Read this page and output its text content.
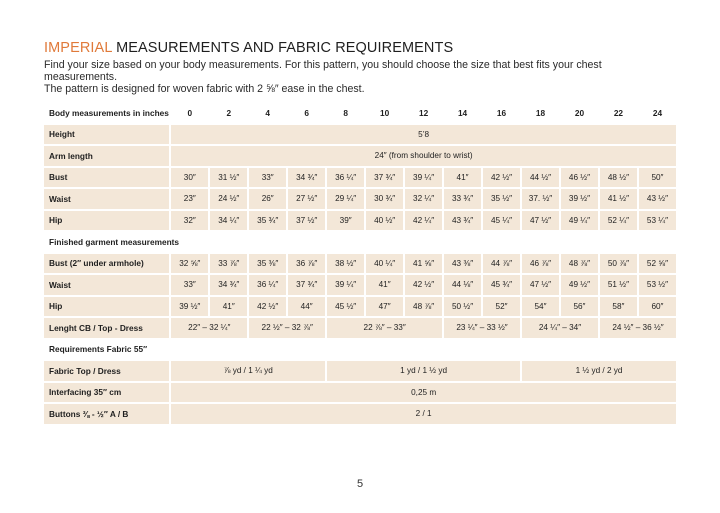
IMPERIAL MEASUREMENTS AND FABRIC REQUIREMENTS
Find your size based on your body measurements. For this pattern, you should choose the size that best fits your chest measurements.
The pattern is designed for woven fabric with 2 ⅝″ ease in the chest.
Body measurements in inches	0	2	4	6	8	10	12	14	16	18	20	22	24
Height	5’8												
Arm length	24″ (from shoulder to wrist)												
Bust	30″	31 ½″	33″	34 ¾″	36 ¼″	37 ¾″	39 ¼″	41″	42 ½″	44 ½″	46 ½″	48 ½″	50″
Waist	23″	24 ½″	26″	27 ½″	29 ¼″	30 ¾″	32 ¼″	33 ¾″	35 ½″	37. ½″	39 ½″	41 ½″	43 ½″
Hip	32″	34 ¼″	35 ¾″	37 ½″	39″	40 ½″	42 ¼″	43 ¾″	45 ¼″	47 ½″	49 ¼″	52 ¼″	53 ¼″
Finished garment measurements													
Bust (2″ under armhole)	32 ⅝″	33 ⅞″	35 ⅜″	36 ⅞″	38 ½″	40 ¼″	41 ⅝″	43 ⅜″	44 ⅞″	46 ⅞″	48 ⅞″	50 ⅞″	52 ⅝″
Waist	33″	34 ¾″	36 ¼″	37 ¾″	39 ¼″	41″	42 ½″	44 ⅛″	45 ¾″	47 ½″	49 ½″	51 ½″	53 ½″
Hip	39 ½″	41″	42 ½″	44″	45 ½″	47″	48 ⅞″	50 ½″	52″	54″	56″	58″	60″
Lenght CB / Top - Dress	22″ – 32 ¼″		22 ½″ – 32 ⅞″		22 ⅞″ – 33″			23 ¼″ – 33 ½″		24 ¼″ – 34″		24 ½″ – 36 ½″	
Requirements Fabric 55″													
Fabric Top / Dress	⅞ yd / 1 ¼ yd				1 yd / 1 ½ yd					1 ½ yd / 2 yd			
Interfacing 35″ cm	0,25 m												
Buttons ⅜ - ½″ A / B	2 / 1												
5
